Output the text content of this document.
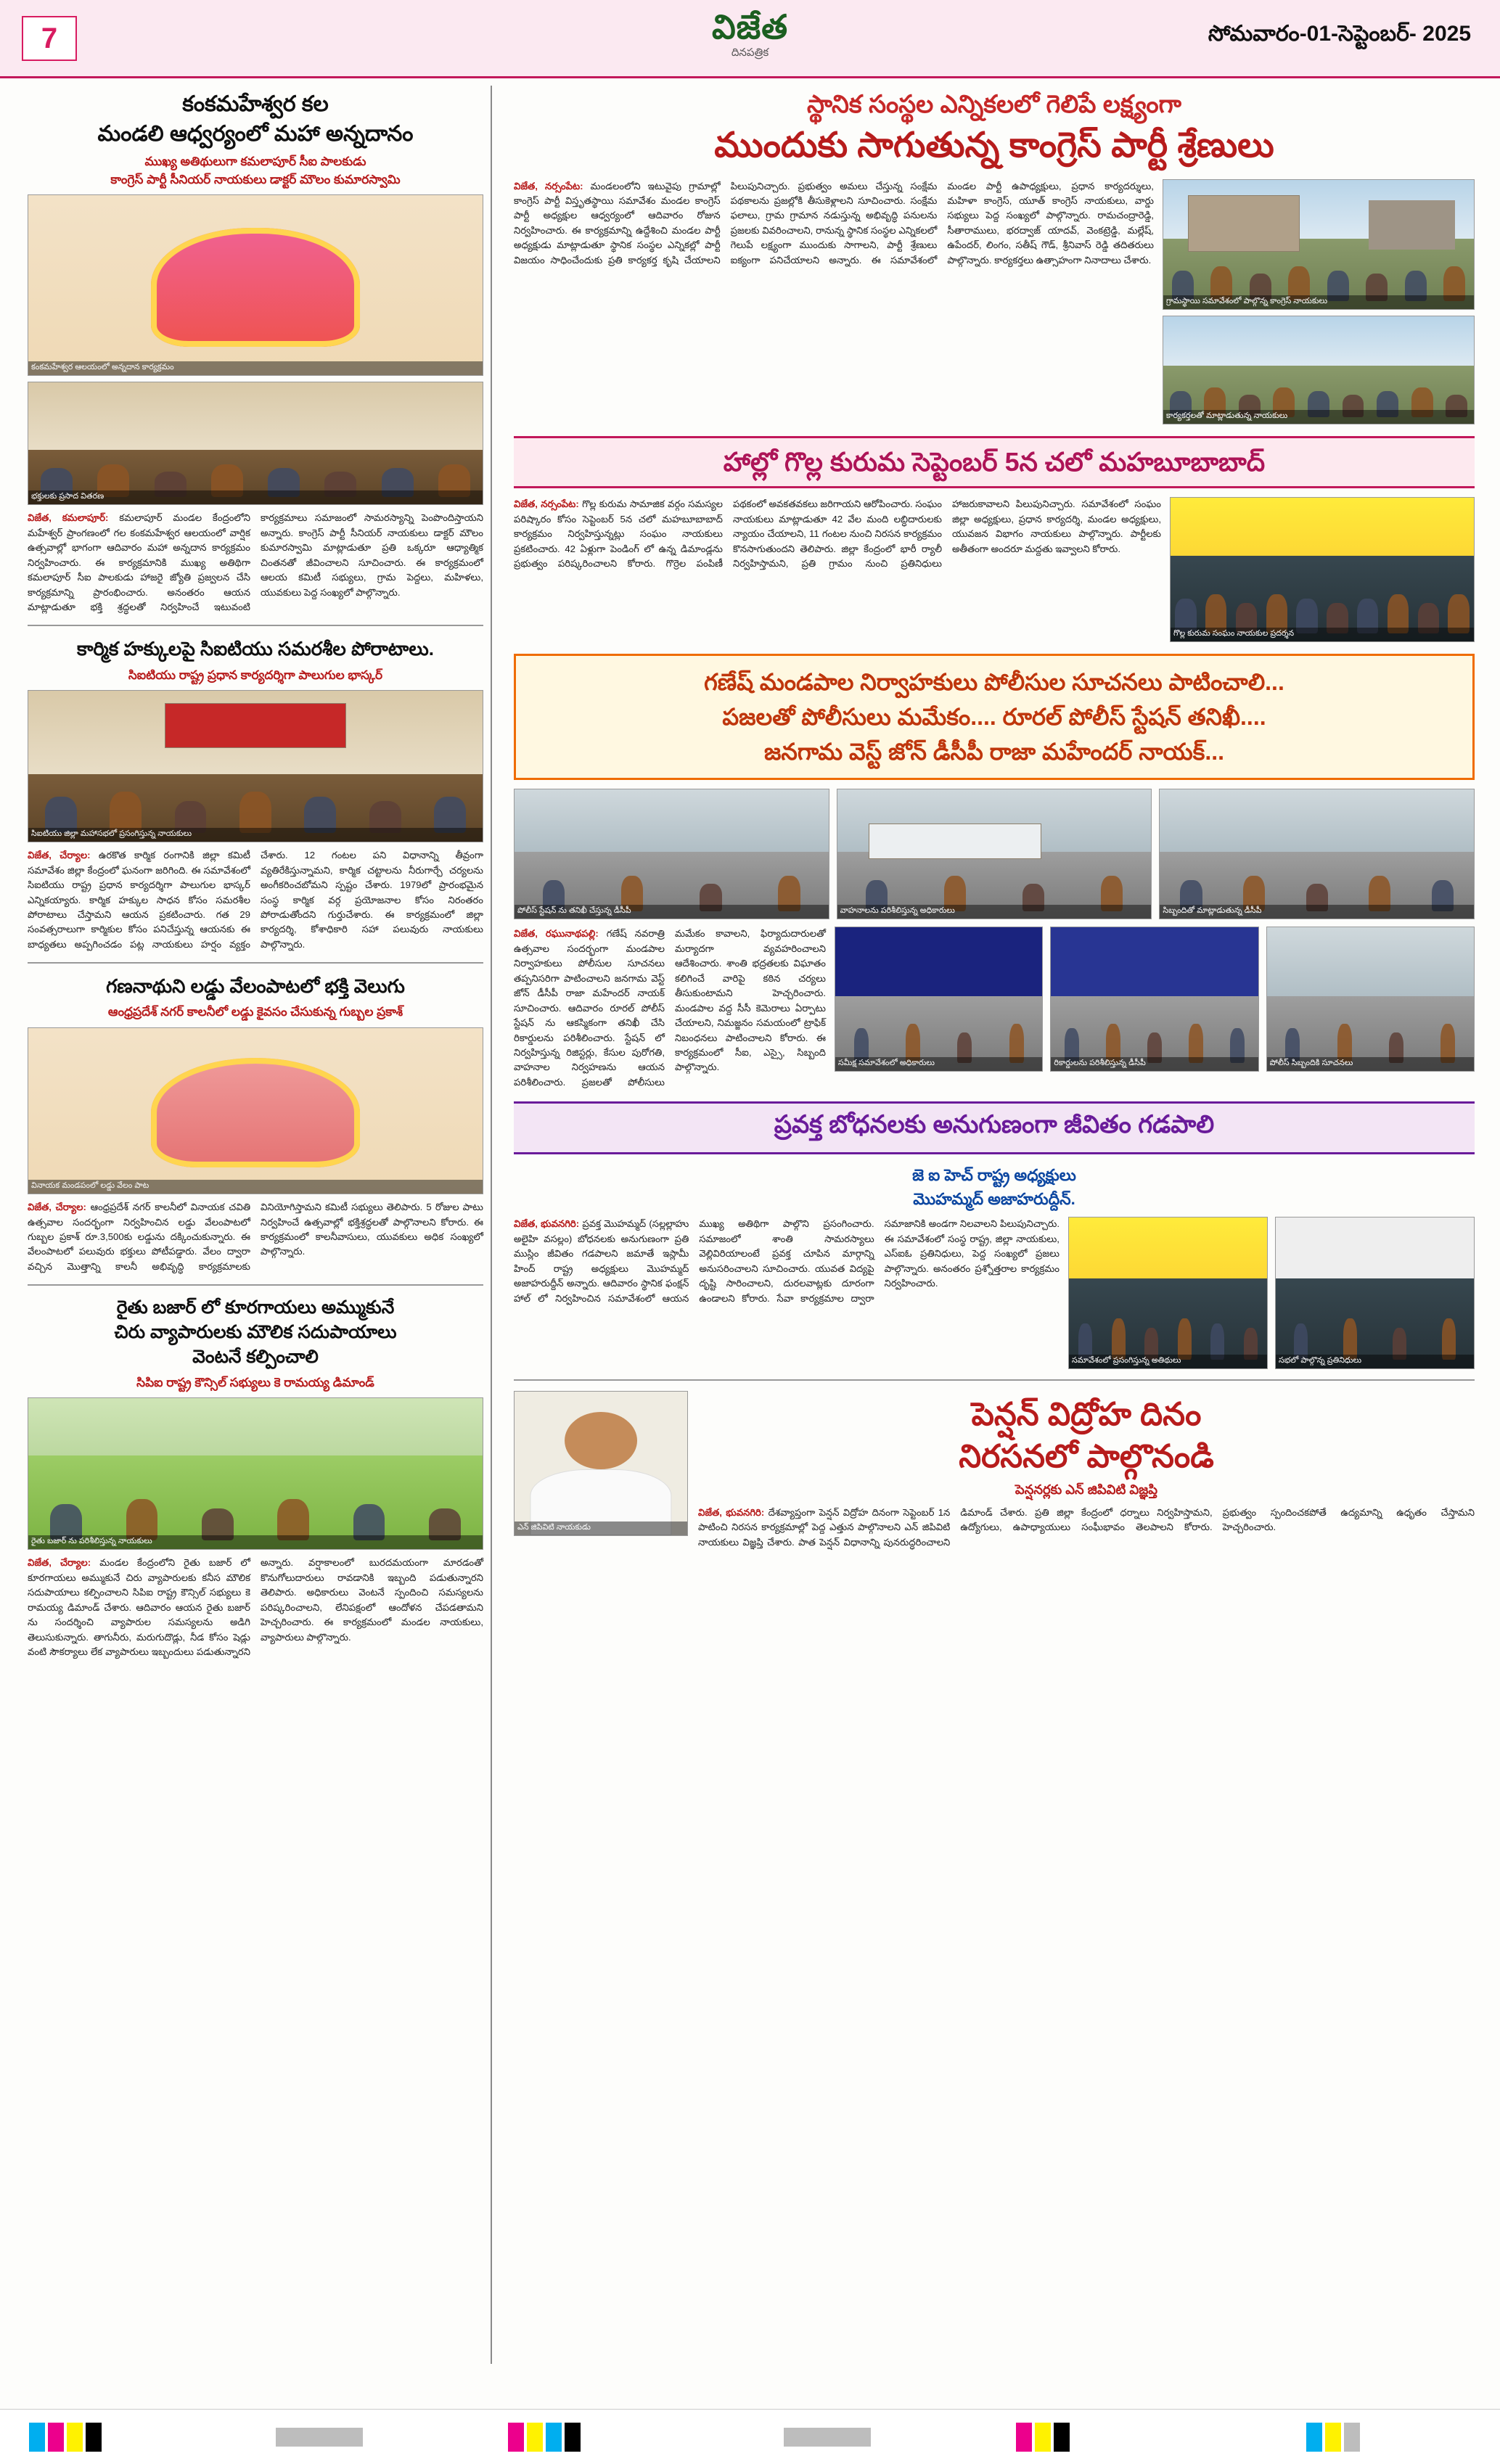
7	విజేత
దినపత్రిక
సోమవారం-01-సెప్టెంబర్- 2025
కంకమహేశ్వర కల
మండలి ఆధ్వర్యంలో మహా అన్నదానం
ముఖ్య అతిథులుగా కమలాపూర్ సీఐ పాలకుడు
కాంగ్రెస్ పార్టీ సీనియర్ నాయకులు డాక్టర్ మౌలం కుమారస్వామి
కంకమహేశ్వర ఆలయంలో అన్నదాన కార్యక్రమం
భక్తులకు ప్రసాద వితరణ
విజేత, కమలాపూర్: కమలాపూర్ మండల కేంద్రంలోని మహేశ్వర్ ప్రాంగణంలో గల కంకమహేశ్వర ఆలయంలో వార్షిక ఉత్సవాల్లో భాగంగా ఆదివారం మహా అన్నదాన కార్యక్రమం నిర్వహించారు. ఈ కార్యక్రమానికి ముఖ్య అతిథిగా కమలాపూర్ సీఐ పాలకుడు హాజరై జ్యోతి ప్రజ్వలన చేసి కార్యక్రమాన్ని ప్రారంభించారు. అనంతరం ఆయన మాట్లాడుతూ భక్తి శ్రద్ధలతో నిర్వహించే ఇటువంటి కార్యక్రమాలు సమాజంలో సామరస్యాన్ని పెంపొందిస్తాయని అన్నారు. కాంగ్రెస్ పార్టీ సీనియర్ నాయకులు డాక్టర్ మౌలం కుమారస్వామి మాట్లాడుతూ ప్రతి ఒక్కరూ ఆధ్యాత్మిక చింతనతో జీవించాలని సూచించారు. ఈ కార్యక్రమంలో ఆలయ కమిటీ సభ్యులు, గ్రామ పెద్దలు, మహిళలు, యువకులు పెద్ద సంఖ్యలో పాల్గొన్నారు.
కార్మిక హక్కులపై సిఐటియు సమరశీల పోరాటాలు.
సిఐటియు రాష్ట్ర ప్రధాన కార్యదర్శిగా పాలుగుల భాస్కర్
సిఐటియు జిల్లా మహాసభలో ప్రసంగిస్తున్న నాయకులు
విజేత, చేర్యాల: ఉరకొత కార్మిక రంగానికి జిల్లా కమిటీ సమావేశం జిల్లా కేంద్రంలో ఘనంగా జరిగింది. ఈ సమావేశంలో సిఐటియు రాష్ట్ర ప్రధాన కార్యదర్శిగా పాలుగుల భాస్కర్ ఎన్నికయ్యారు. కార్మిక హక్కుల సాధన కోసం సమరశీల పోరాటాలు చేస్తామని ఆయన ప్రకటించారు. గత 29 సంవత్సరాలుగా కార్మికుల కోసం పనిచేస్తున్న ఆయనకు ఈ బాధ్యతలు అప్పగించడం పట్ల నాయకులు హర్షం వ్యక్తం చేశారు. 12 గంటల పని విధానాన్ని తీవ్రంగా వ్యతిరేకిస్తున్నామని, కార్మిక చట్టాలను నీరుగార్చే చర్యలను అంగీకరించబోమని స్పష్టం చేశారు. 1979లో ప్రారంభమైన సంస్థ కార్మిక వర్గ ప్రయోజనాల కోసం నిరంతరం పోరాడుతోందని గుర్తుచేశారు. ఈ కార్యక్రమంలో జిల్లా కార్యదర్శి, కోశాధికారి సహా పలువురు నాయకులు పాల్గొన్నారు.
గణనాథుని లడ్డు వేలంపాటలో భక్తి వెలుగు
ఆంధ్రప్రదేశ్ నగర్ కాలనీలో లడ్డు కైవసం చేసుకున్న గుబ్బల ప్రకాశ్
వినాయక మండపంలో లడ్డు వేలం పాట
విజేత, చేర్యాల: ఆంధ్రప్రదేశ్ నగర్ కాలనీలో వినాయక చవితి ఉత్సవాల సందర్భంగా నిర్వహించిన లడ్డు వేలంపాటలో గుబ్బల ప్రకాశ్ రూ.3,500కు లడ్డును దక్కించుకున్నారు. ఈ వేలంపాటలో పలువురు భక్తులు పోటీపడ్డారు. వేలం ద్వారా వచ్చిన మొత్తాన్ని కాలనీ అభివృద్ధి కార్యక్రమాలకు వినియోగిస్తామని కమిటీ సభ్యులు తెలిపారు. 5 రోజుల పాటు నిర్వహించే ఉత్సవాల్లో భక్తిశ్రద్ధలతో పాల్గొనాలని కోరారు. ఈ కార్యక్రమంలో కాలనీవాసులు, యువకులు అధిక సంఖ్యలో పాల్గొన్నారు.
రైతు బజార్ లో కూరగాయలు అమ్ముకునే
చిరు వ్యాపారులకు మౌలిక సదుపాయాలు
వెంటనే కల్పించాలి
సిపిఐ రాష్ట్ర కౌన్సిల్ సభ్యులు కె రామయ్య డిమాండ్
రైతు బజార్ ను పరిశీలిస్తున్న నాయకులు
విజేత, చేర్యాల: మండల కేంద్రంలోని రైతు బజార్ లో కూరగాయలు అమ్ముకునే చిరు వ్యాపారులకు కనీస మౌలిక సదుపాయాలు కల్పించాలని సిపిఐ రాష్ట్ర కౌన్సిల్ సభ్యులు కె రామయ్య డిమాండ్ చేశారు. ఆదివారం ఆయన రైతు బజార్ ను సందర్శించి వ్యాపారుల సమస్యలను అడిగి తెలుసుకున్నారు. తాగునీరు, మరుగుదొడ్లు, నీడ కోసం షెడ్లు వంటి సౌకర్యాలు లేక వ్యాపారులు ఇబ్బందులు పడుతున్నారని అన్నారు. వర్షాకాలంలో బురదమయంగా మారడంతో కొనుగోలుదారులు రావడానికి ఇబ్బంది పడుతున్నారని తెలిపారు. అధికారులు వెంటనే స్పందించి సమస్యలను పరిష్కరించాలని, లేనిపక్షంలో ఆందోళన చేపడతామని హెచ్చరించారు. ఈ కార్యక్రమంలో మండల నాయకులు, వ్యాపారులు పాల్గొన్నారు.
స్థానిక సంస్థల ఎన్నికలలో గెలిపే లక్ష్యంగా
ముందుకు సాగుతున్న కాంగ్రెస్ పార్టీ శ్రేణులు
విజేత, నర్సంపేట: మండలంలోని ఇటువైపు గ్రామాల్లో కాంగ్రెస్ పార్టీ విస్తృతస్థాయి సమావేశం మండల కాంగ్రెస్ పార్టీ అధ్యక్షుల ఆధ్వర్యంలో ఆదివారం రోజున నిర్వహించారు. ఈ కార్యక్రమాన్ని ఉద్దేశించి మండల పార్టీ అధ్యక్షుడు మాట్లాడుతూ స్థానిక సంస్థల ఎన్నికల్లో పార్టీ విజయం సాధించేందుకు ప్రతి కార్యకర్త కృషి చేయాలని పిలుపునిచ్చారు. ప్రభుత్వం అమలు చేస్తున్న సంక్షేమ పథకాలను ప్రజల్లోకి తీసుకెళ్లాలని సూచించారు. సంక్షేమ ఫలాలు, గ్రామ గ్రామాన నడుస్తున్న అభివృద్ధి పనులను ప్రజలకు వివరించాలని, రానున్న స్థానిక సంస్థల ఎన్నికలలో గెలుపే లక్ష్యంగా ముందుకు సాగాలని, పార్టీ శ్రేణులు ఐక్యంగా పనిచేయాలని అన్నారు. ఈ సమావేశంలో మండల పార్టీ ఉపాధ్యక్షులు, ప్రధాన కార్యదర్శులు, మహిళా కాంగ్రెస్, యూత్ కాంగ్రెస్ నాయకులు, వార్డు సభ్యులు పెద్ద సంఖ్యలో పాల్గొన్నారు. రామచంద్రారెడ్డి, సీతారాములు, భరద్వాజ్ యాదవ్, వెంకట్రెడ్డి, మల్లేష్, ఉపేందర్, లింగం, సతీష్ గౌడ్, శ్రీనివాస్ రెడ్డి తదితరులు పాల్గొన్నారు. కార్యకర్తలు ఉత్సాహంగా నినాదాలు చేశారు.
గ్రామస్థాయి సమావేశంలో పాల్గొన్న కాంగ్రెస్ నాయకులు
కార్యకర్తలతో మాట్లాడుతున్న నాయకులు
హాల్లో గొల్ల కురుమ సెప్టెంబర్ 5న చలో మహబూబాబాద్
విజేత, నర్సంపేట: గొల్ల కురుమ సామాజిక వర్గం సమస్యల పరిష్కారం కోసం సెప్టెంబర్ 5న చలో మహబూబాబాద్ కార్యక్రమం నిర్వహిస్తున్నట్లు సంఘం నాయకులు ప్రకటించారు. 42 ఏళ్లుగా పెండింగ్ లో ఉన్న డిమాండ్లను ప్రభుత్వం పరిష్కరించాలని కోరారు. గొర్రెల పంపిణీ పథకంలో అవకతవకలు జరిగాయని ఆరోపించారు. సంఘం నాయకులు మాట్లాడుతూ 42 వేల మంది లబ్ధిదారులకు న్యాయం చేయాలని, 11 గంటల నుంచి నిరసన కార్యక్రమం కొనసాగుతుందని తెలిపారు. జిల్లా కేంద్రంలో భారీ ర్యాలీ నిర్వహిస్తామని, ప్రతి గ్రామం నుంచి ప్రతినిధులు హాజరుకావాలని పిలుపునిచ్చారు. సమావేశంలో సంఘం జిల్లా అధ్యక్షులు, ప్రధాన కార్యదర్శి, మండల అధ్యక్షులు, యువజన విభాగం నాయకులు పాల్గొన్నారు. పార్టీలకు అతీతంగా అందరూ మద్దతు ఇవ్వాలని కోరారు.
గొల్ల కురుమ సంఘం నాయకుల ప్రదర్శన
గణేష్ మండపాల నిర్వాహకులు పోలీసుల సూచనలు పాటించాలి...
పజలతో పోలీసులు మమేకం.... రూరల్ పోలీస్ స్టేషన్ తనిఖీ....
జనగామ వెస్ట్ జోన్ డీసీపీ రాజా మహేందర్ నాయక్...
పోలీస్ స్టేషన్ ను తనిఖీ చేస్తున్న డీసీపీ	వాహనాలను పరిశీలిస్తున్న అధికారులు	సిబ్బందితో మాట్లాడుతున్న డీసీపీ
విజేత, రఘునాథపల్లి: గణేష్ నవరాత్రి ఉత్సవాల సందర్భంగా మండపాల నిర్వాహకులు పోలీసుల సూచనలు తప్పనిసరిగా పాటించాలని జనగామ వెస్ట్ జోన్ డీసీపీ రాజా మహేందర్ నాయక్ సూచించారు. ఆదివారం రూరల్ పోలీస్ స్టేషన్ ను ఆకస్మికంగా తనిఖీ చేసి రికార్డులను పరిశీలించారు. స్టేషన్ లో నిర్వహిస్తున్న రిజిస్టర్లు, కేసుల పురోగతి, వాహనాల నిర్వహణను ఆయన పరిశీలించారు. ప్రజలతో పోలీసులు మమేకం కావాలని, ఫిర్యాదుదారులతో మర్యాదగా వ్యవహరించాలని ఆదేశించారు. శాంతి భద్రతలకు విఘాతం కలిగించే వారిపై కఠిన చర్యలు తీసుకుంటామని హెచ్చరించారు. మండపాల వద్ద సీసీ కెమెరాలు ఏర్పాటు చేయాలని, నిమజ్జనం సమయంలో ట్రాఫిక్ నిబంధనలు పాటించాలని కోరారు. ఈ కార్యక్రమంలో సీఐ, ఎస్సై, సిబ్బంది పాల్గొన్నారు.	సమీక్ష సమావేశంలో అధికారులు	రికార్డులను పరిశీలిస్తున్న డీసీపీ	పోలీస్ సిబ్బందికి సూచనలు
ప్రవక్త బోధనలకు అనుగుణంగా జీవితం గడపాలి
జె ఐ హెచ్ రాష్ట్ర అధ్యక్షులు
మొహమ్మద్ అజాహరుద్దీన్.
విజేత, భువనగిరి: ప్రవక్త మొహమ్మద్ (సల్లల్లాహు అలైహి వసల్లం) బోధనలకు అనుగుణంగా ప్రతి ముస్లిం జీవితం గడపాలని జమాతే ఇస్లామీ హింద్ రాష్ట్ర అధ్యక్షులు మొహమ్మద్ అజాహరుద్దీన్ అన్నారు. ఆదివారం స్థానిక ఫంక్షన్ హాల్ లో నిర్వహించిన సమావేశంలో ఆయన ముఖ్య అతిథిగా పాల్గొని ప్రసంగించారు. సమాజంలో శాంతి సామరస్యాలు వెల్లివిరియాలంటే ప్రవక్త చూపిన మార్గాన్ని అనుసరించాలని సూచించారు. యువత విద్యపై దృష్టి సారించాలని, దురలవాట్లకు దూరంగా ఉండాలని కోరారు. సేవా కార్యక్రమాల ద్వారా సమాజానికి అండగా నిలవాలని పిలుపునిచ్చారు. ఈ సమావేశంలో సంస్థ రాష్ట్ర, జిల్లా నాయకులు, ఎస్ఐఓ ప్రతినిధులు, పెద్ద సంఖ్యలో ప్రజలు పాల్గొన్నారు. అనంతరం ప్రశ్నోత్తరాల కార్యక్రమం నిర్వహించారు.
సమావేశంలో ప్రసంగిస్తున్న అతిథులు	సభలో పాల్గొన్న ప్రతినిధులు
ఎన్ జిపివిటి నాయకుడు
పెన్షన్ విద్రోహ దినం
నిరసనలో పాల్గొనండి
పెన్షనర్లకు ఎన్ జిపివిటి విజ్ఞప్తి
విజేత, భువనగిరి: దేశవ్యాప్తంగా పెన్షన్ విద్రోహ దినంగా సెప్టెంబర్ 1న పాటించి నిరసన కార్యక్రమాల్లో పెద్ద ఎత్తున పాల్గొనాలని ఎన్ జిపివిటి నాయకులు విజ్ఞప్తి చేశారు. పాత పెన్షన్ విధానాన్ని పునరుద్ధరించాలని డిమాండ్ చేశారు. ప్రతి జిల్లా కేంద్రంలో ధర్నాలు నిర్వహిస్తామని, ఉద్యోగులు, ఉపాధ్యాయులు సంఘీభావం తెలపాలని కోరారు. ప్రభుత్వం స్పందించకపోతే ఉద్యమాన్ని ఉధృతం చేస్తామని హెచ్చరించారు.
